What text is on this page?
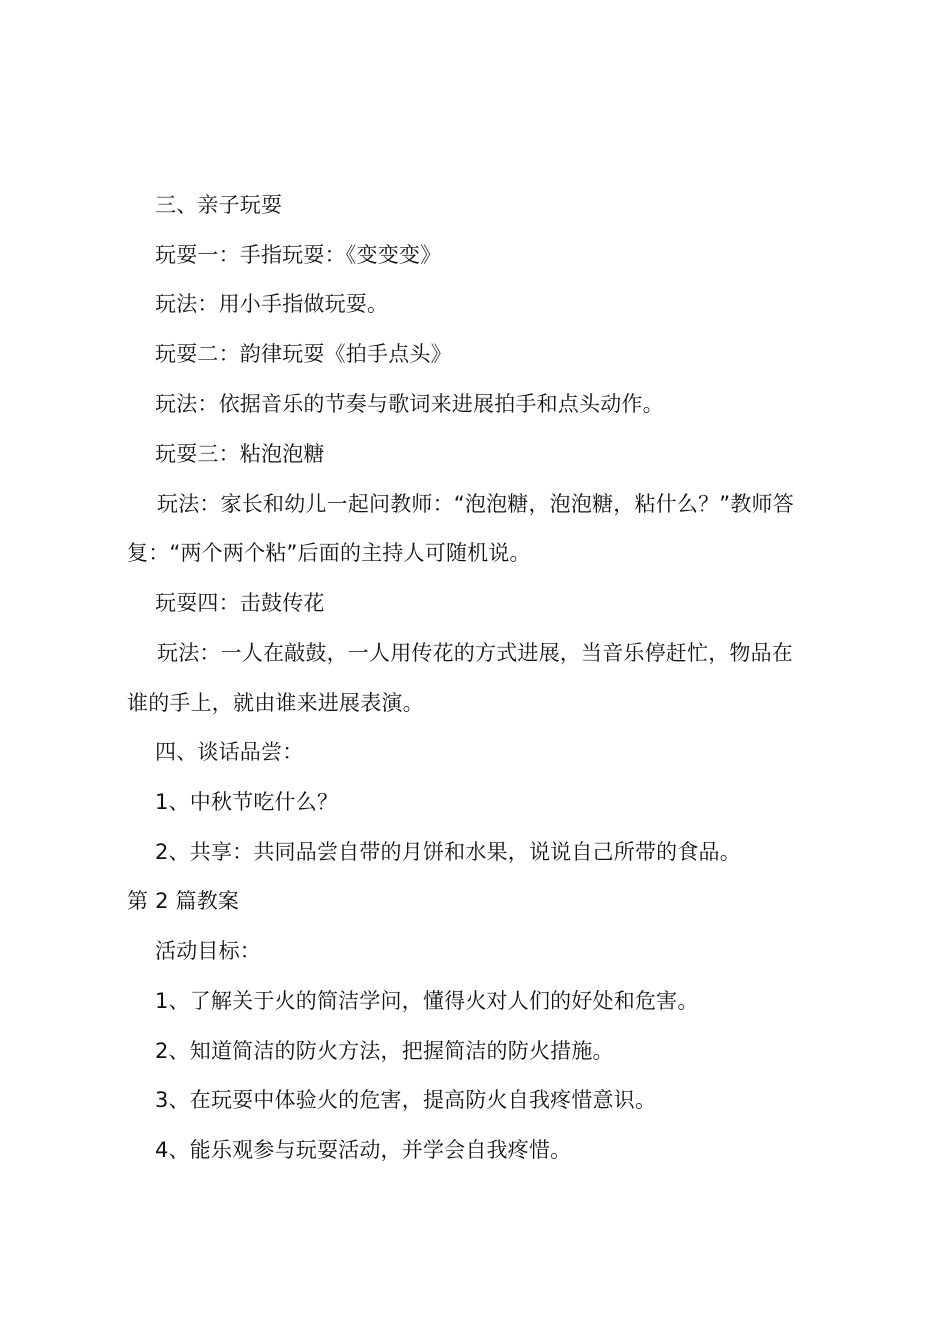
三、亲子玩耍
玩耍一：手指玩耍：《变变变》
玩法：用小手指做玩耍。
玩耍二：韵律玩耍《拍手点头》
玩法：依据音乐的节奏与歌词来进展拍手和点头动作。
玩耍三：粘泡泡糖
玩法：家长和幼儿一起问教师：“泡泡糖，泡泡糖，粘什么？”教师答
复：“两个两个粘”后面的主持人可随机说。
玩耍四：击鼓传花
玩法：一人在敲鼓，一人用传花的方式进展，当音乐停赶忙，物品在
谁的手上，就由谁来进展表演。
四、谈话品尝：
1、中秋节吃什么？
2、共享：共同品尝自带的月饼和水果，说说自己所带的食品。
第 2 篇教案
活动目标：
1、了解关于火的简洁学问，懂得火对人们的好处和危害。
2、知道简洁的防火方法，把握简洁的防火措施。
3、在玩耍中体验火的危害，提高防火自我疼惜意识。
4、能乐观参与玩耍活动，并学会自我疼惜。
